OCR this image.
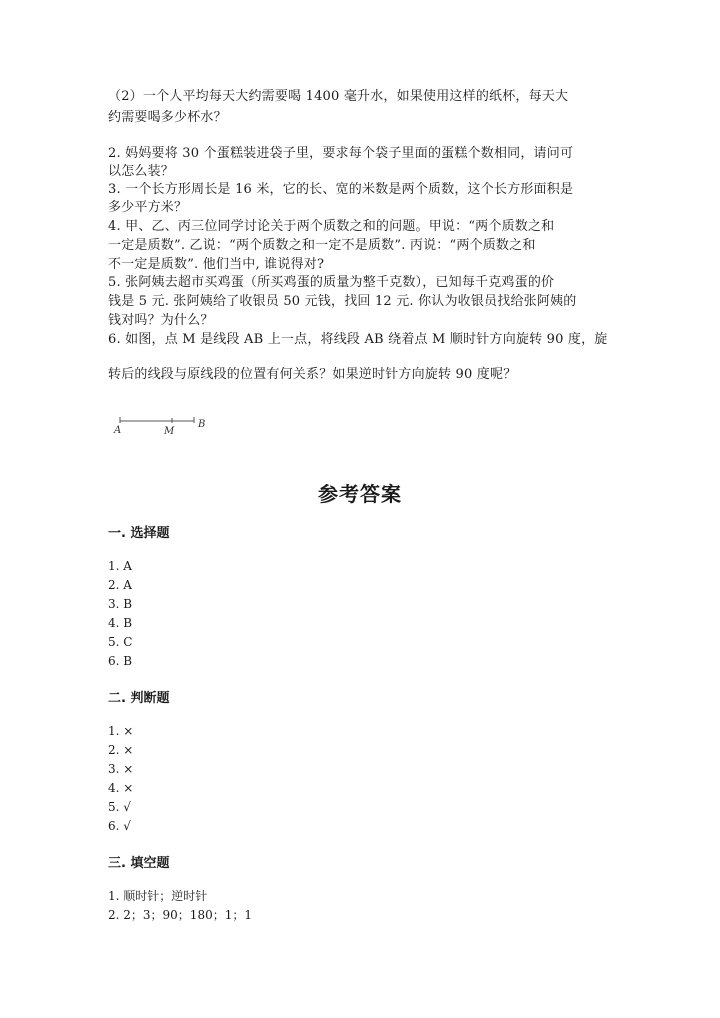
（2）一个人平均每天大约需要喝 1400 毫升水，如果使用这样的纸杯，每天大
约需要喝多少杯水？
2. 妈妈要将 30 个蛋糕装进袋子里，要求每个袋子里面的蛋糕个数相同，请问可
以怎么装？
3. 一个长方形周长是 16 米，它的长、宽的米数是两个质数，这个长方形面积是
多少平方米？
4. 甲、乙、丙三位同学讨论关于两个质数之和的问题。甲说：“两个质数之和
一定是质数”. 乙说：“两个质数之和一定不是质数”. 丙说：“两个质数之和
不一定是质数”. 他们当中, 谁说得对?
5. 张阿姨去超市买鸡蛋（所买鸡蛋的质量为整千克数），已知每千克鸡蛋的价
钱是 5 元. 张阿姨给了收银员 50 元钱，找回 12 元. 你认为收银员找给张阿姨的
钱对吗？为什么？
6. 如图，点 M 是线段 AB 上一点，将线段 AB 绕着点 M 顺时针方向旋转 90 度，旋
转后的线段与原线段的位置有何关系？如果逆时针方向旋转 90 度呢？
A	M
B
参考答案
一. 选择题
1. A
2. A
3. B
4. B
5. C
6. B
二. 判断题
1. ×
2. ×
3. ×
4. ×
5. √
6. √
三. 填空题
1. 顺时针；逆时针
2. 2；3；90；180；1；1
